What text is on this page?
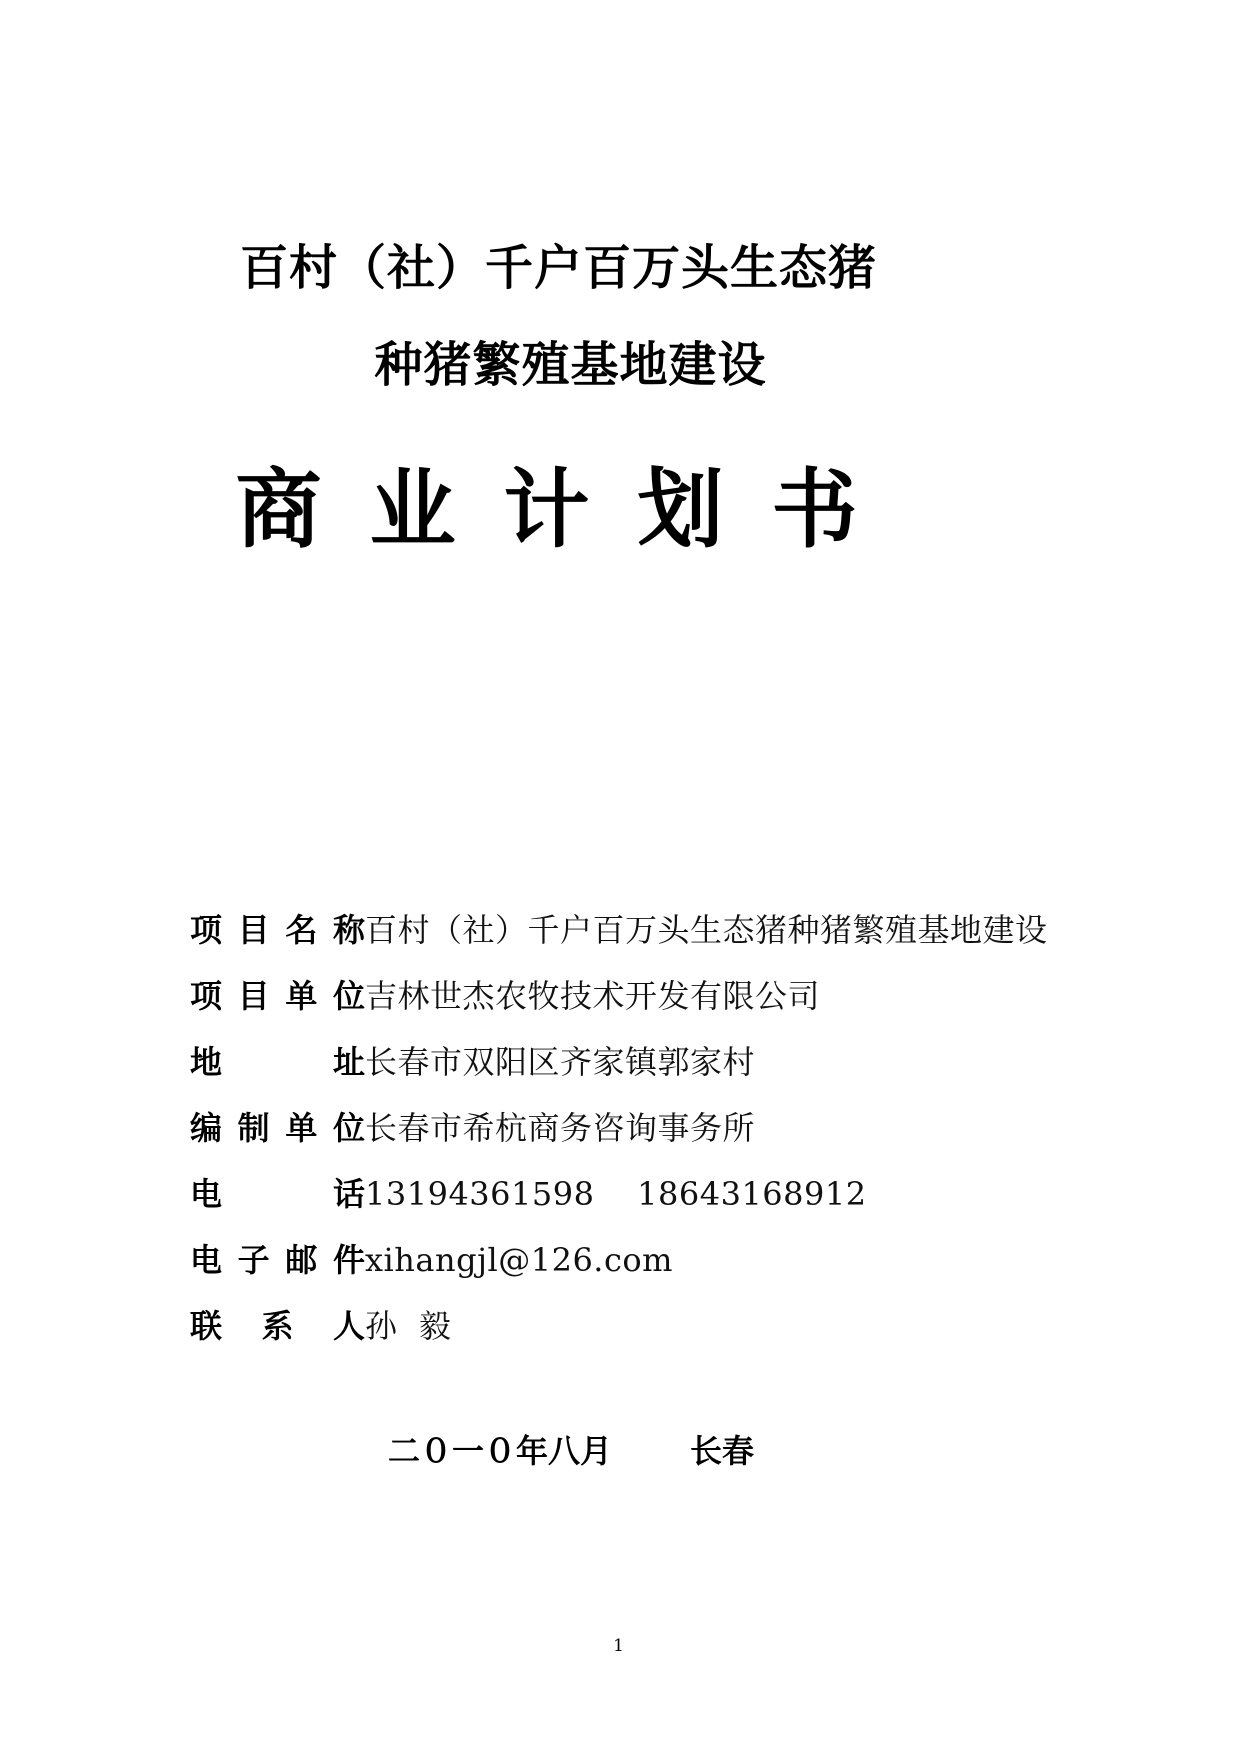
百村（社）千户百万头生态猪
种猪繁殖基地建设
商业计划书
项目名称 百村（社）千户百万头生态猪种猪繁殖基地建设
项目单位 吉林世杰农牧技术开发有限公司
地址 长春市双阳区齐家镇郭家村
编制单位 长春市希杭商务咨询事务所
电话 13194361598    18643168912
电子邮件 xihangjl@126.com
联系人 孙  毅
二０一０年八月       长春
1
